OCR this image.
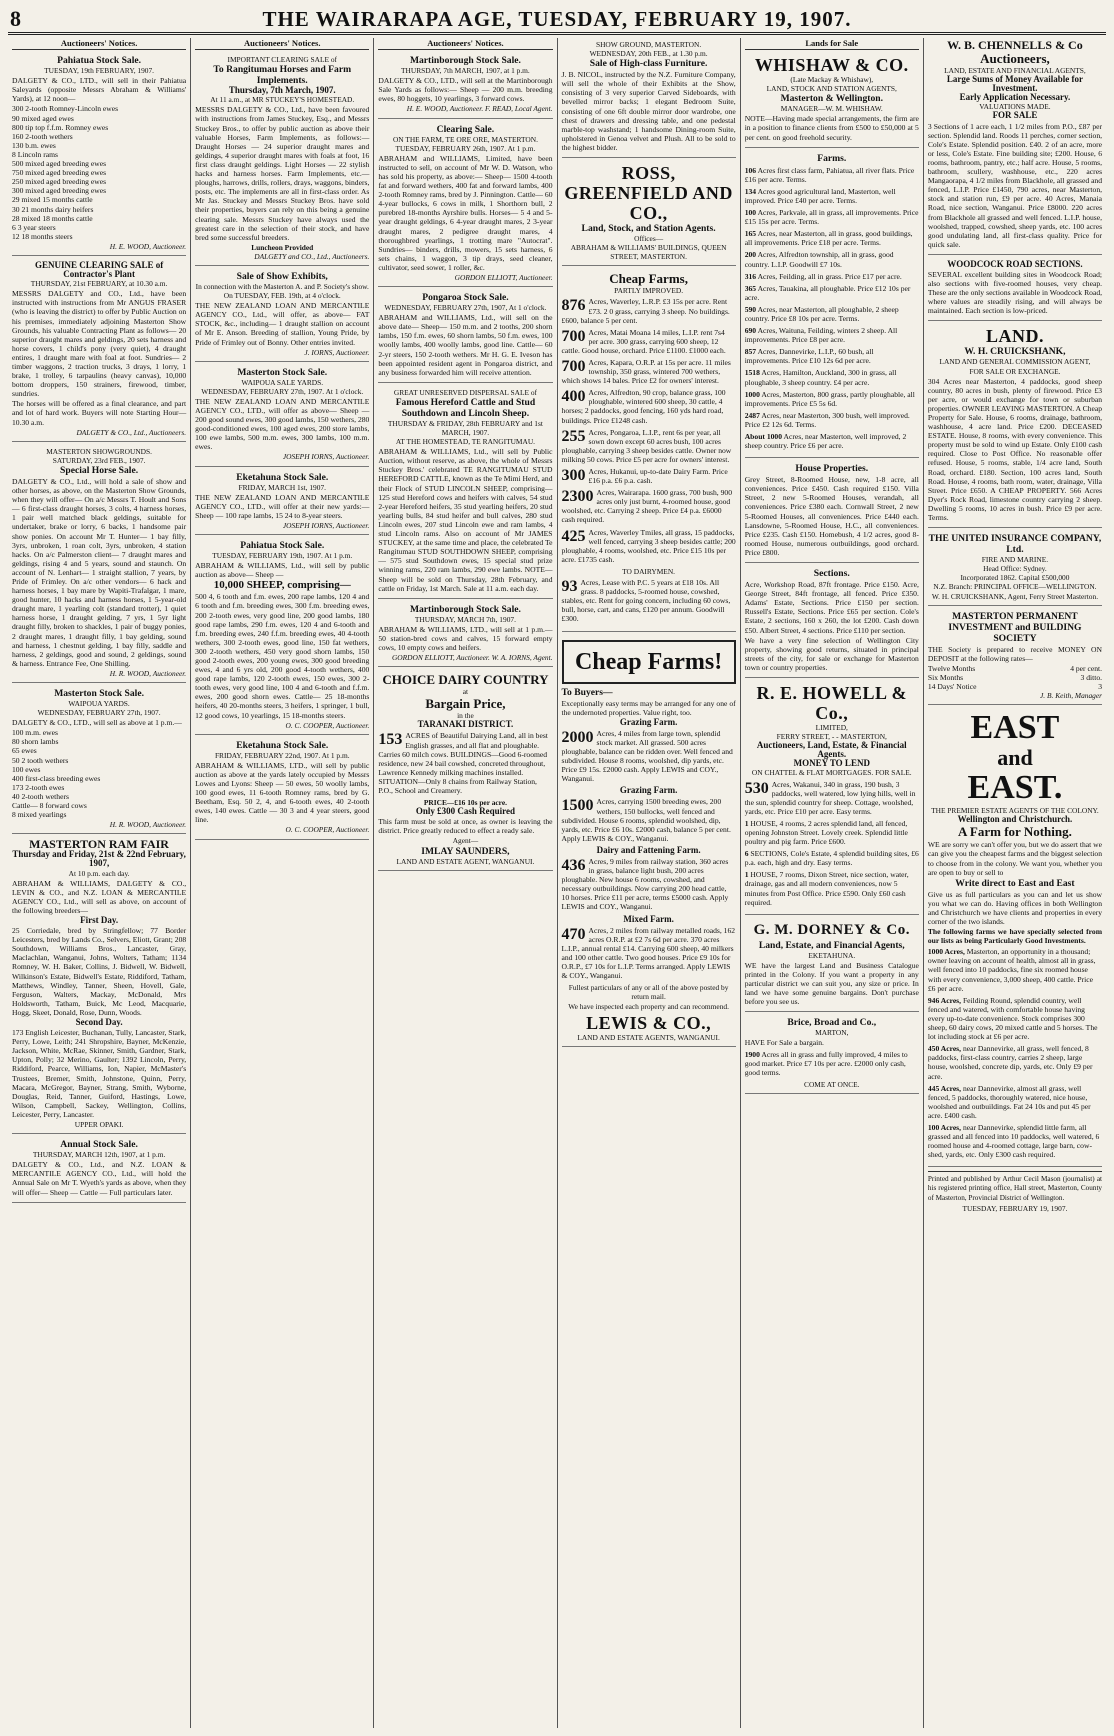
8	THE WAIRARAPA AGE, TUESDAY, FEBRUARY 19, 1907.
Auctioneers' Notices.
Pahiatua Stock Sale.
TUESDAY, 19th FEBRUARY, 1907.

DALGETY & CO., LTD., will sell in their Pahiatua Saleyards (opposite Messrs Abraham & Williams' Yards), at 12 noon—

300 2-tooth Romney-Lincoln ewes
90 mixed aged ewes
800 tip top f.f.m. Romney ewes
160 2-tooth wethers
130 b.m. ewes
8 Lincoln rams
500 mixed aged breeding ewes
750 mixed aged breeding ewes
250 mixed aged breeding ewes
300 mixed aged breeding ewes
29 mixed 15 months cattle
30 21 months dairy heifers
28 mixed 18 months cattle
6 3 year steers
12 18 months steers
H. E. WOOD, Auctioneer.
GENUINE CLEARING SALE of Contractor's Plant
THURSDAY, 21st FEBRUARY, at 10.30 a.m.

MESSRS DALGETY and CO., Ltd., have been instructed with instructions from Mr ANGUS FRASER (who is leaving the district) to offer by Public Auction on his premises, immediately adjoining Masterton Show Grounds, his valuable Contracting Plant as follows— 20 superior draught mares and geldings, 20 sets harness and horse covers, 1 child's pony (very quiet), 4 draught entires, 1 draught mare with foal at foot. Sundries— 2 timber waggons, 2 traction trucks, 3 drays, 1 lorry, 1 brake, 1 trolley, 6 tarpaulins (heavy canvas), 10,000 bottom droppers, 150 strainers, firewood, timber, sundries.

The horses will be offered as a final clearance, and part and lot of hard work. Buyers will note Starting Hour—10.30 a.m.

DALGETY & CO., Ltd., Auctioneers.
MASTERTON SHOWGROUNDS.
SATURDAY, 23rd FEB., 1907.
Special Horse Sale.

DALGETY & CO., Ltd., will hold a sale of show and other horses, as above, on the Masterton Show Grounds, when they will offer— On a/c Messrs T. Hoult and Sons— 6 first-class draught horses, 3 colts, 4 harness horses, 1 pair well matched black geldings, suitable for undertaker, brake or lorry, 6 backs, 1 handsome pair show ponies. On account Mr T. Hunter— 1 bay filly, 3yrs, unbroken, 1 roan colt, 3yrs, unbroken, 4 station hacks. On a/c Palmerston client— 7 draught mares and geldings, rising 4 and 5 years, sound and staunch. On account of N. Lenhart— 1 straight stallion, 7 years, by Pride of Frimley. On a/c other vendors— 6 hack and harness horses, 1 bay mare by Wapiti-Trafalgar, 1 mare, good hunter, 10 hacks and harness horses, 1 5-year-old draught mare, 1 yearling colt (standard trotter), 1 quiet harness horse, 1 draught gelding, 7 yrs, 1 5yr light draught filly, broken to shackles, 1 pair of buggy ponies, 2 draught mares, 1 draught filly, 1 bay gelding, sound and harness, 1 chestnut gelding, 1 bay filly, saddle and harness, 2 geldings, good and sound, 2 geldings, sound & harness. Entrance Fee, One Shilling.

H. R. WOOD, Auctioneer.
Masterton Stock Sale.
WAIPOUA YARDS.
WEDNESDAY, FEBRUARY 27th, 1907.

DALGETY & CO., LTD., will sell as above at 1 p.m.—

100 m.m. ewes
80 shorn lambs
65 ewes
50 2 tooth wethers
100 ewes
400 first-class breeding ewes
173 2-tooth ewes
40 2-tooth wethers
Cattle— 8 forward cows
8 mixed yearlings
H. R. WOOD, Auctioneer.
MASTERTON RAM FAIR
Thursday and Friday, 21st & 22nd February, 1907,
At 10 p.m. each day.

ABRAHAM & WILLIAMS, DALGETY & CO., LEVIN & CO., and N.Z. LOAN & MERCANTILE AGENCY CO., Ltd., will sell as above, on account of the following breeders—

First Day.

25 Corriedale, bred by Stringfellow; 77 Border Leicesters, bred by Lands Co., Selvers, Eliott, Grant; 208 Southdown, Williams Bros., Lancaster, Gray, Maclachlan, Wanganui, Johns, Wolters, Tatham; 1134 Romney, W. H. Baker, Collins, J. Bidwell, W. Bidwell, Wilkinson's Estate, Bidwell's Estate, Riddiford, Tatham, Matthews, Windley, Tanner, Sheen, Hovell, Gale, Ferguson, Walters, Mackay, McDonald, Mrs Holdsworth, Tatham, Buick, Mc Leod, Macquarie, Hogg, Skeet, Donald, Rose, Dunn, Woods.

Second Day.

173 English Leicester, Buchanan, Tully, Lancaster, Stark, Perry, Lowe, Leith; 241 Shropshire, Bayner, McKenzie, Jackson, White, McRae, Skinner, Smith, Gardner, Stark, Upton, Polly; 32 Merino, Gaulter; 1392 Lincoln, Perry, Riddiford, Pearce, Williams, Ion, Napier, McMaster's Trustees, Bremer, Smith, Johnstone, Quinn, Perry, Macara, McGregor, Bayner, Strang, Smith, Wyborne, Douglas, Reid, Tanner, Guiford, Hastings, Lowe, Wilson, Campbell, Sackey, Wellington, Collins, Leicester, Perry, Lancaster.

UPPER OPAKI.
Annual Stock Sale.
THURSDAY, MARCH 12th, 1907, at 1 p.m.

DALGETY & CO., Ltd., and N.Z. LOAN & MERCANTILE AGENCY CO., Ltd., will hold the Annual Sale on Mr T. Wyeth's yards as above, when they will offer— Sheep — Cattle — Full particulars later.

Auctioneers' Notices.
IMPORTANT CLEARING SALE of
To Rangitumau Horses and Farm Implements.
Thursday, 7th March, 1907.
At 11 a.m., at MR STUCKEY'S HOMESTEAD.

MESSRS DALGETY & CO., Ltd., have been favoured with instructions from James Stuckey, Esq., and Messrs Stuckey Bros., to offer by public auction as above their valuable Horses, Farm Implements, as follows:— Draught Horses — 24 superior draught mares and geldings, 4 superior draught mares with foals at foot, 16 first class draught geldings. Light Horses — 22 stylish hacks and harness horses. Farm Implements, etc.— ploughs, harrows, drills, rollers, drays, waggons, binders, posts, etc. The implements are all in first-class order. As Mr Jas. Stuckey and Messrs Stuckey Bros. have sold their properties, buyers can rely on this being a genuine clearing sale. Messrs Stuckey have always used the greatest care in the selection of their stock, and have bred some successful breeders.

Luncheon Provided
DALGETY and CO., Ltd., Auctioneers.
Sale of Show Exhibits,
In connection with the Masterton A. and P. Society's show.
On TUESDAY, FEB. 19th, at 4 o'clock.

THE NEW ZEALAND LOAN AND MERCANTILE AGENCY CO., Ltd., will offer, as above— FAT STOCK, &c., including— 1 draught stallion on account of Mr E. Anson. Breeding of stallion, Young Pride, by Pride of Frimley out of Bonny. Other entries invited.

J. IORNS, Auctioneer.
Masterton Stock Sale.
WAIPOUA SALE YARDS.
WEDNESDAY, FEBRUARY 27th, 1907. At 1 o'clock.

THE NEW ZEALAND LOAN AND MERCANTILE AGENCY CO., LTD., will offer as above— Sheep — 200 good sound ewes, 300 good lambs, 150 wethers, 280 good-conditioned ewes, 100 aged ewes, 200 store lambs, 100 ewe lambs, 500 m.m. ewes, 300 lambs, 100 m.m. ewes.

JOSEPH IORNS, Auctioneer.
Eketahuna Stock Sale.
FRIDAY, MARCH 1st, 1907.

THE NEW ZEALAND LOAN AND MERCANTILE AGENCY CO., LTD., will offer at their new yards:— Sheep — 100 rape lambs, 15 24 to 8-year steers.

JOSEPH IORNS, Auctioneer.
Pahiatua Stock Sale.
TUESDAY, FEBRUARY 19th, 1907. At 1 p.m.

ABRAHAM & WILLIAMS, Ltd., will sell by public auction as above— Sheep —

10,000 SHEEP, comprising—

500 4, 6 tooth and f.m. ewes, 200 rape lambs, 120 4 and 6 tooth and f.m. breeding ewes, 300 f.m. breeding ewes, 200 2-tooth ewes, very good line, 200 good lambs, 180 good rape lambs, 290 f.m. ewes, 120 4 and 6-tooth and f.m. breeding ewes, 240 f.f.m. breeding ewes, 40 4-tooth wethers, 300 2-tooth ewes, good line, 150 fat wethers, 300 2-tooth wethers, 450 very good shorn lambs, 150 good 2-tooth ewes, 200 young ewes, 300 good breeding ewes, 4 and 6 yrs old, 200 good 4-tooth wethers, 400 good rape lambs, 120 2-tooth ewes, 150 ewes, 300 2-tooth ewes, very good line, 100 4 and 6-tooth and f.f.m. ewes, 200 good shorn ewes. Cattle— 25 18-months heifers, 40 20-months steers, 3 heifers, 1 springer, 1 bull, 12 good cows, 10 yearlings, 15 18-months steers.

O. C. COOPER, Auctioneer.
Eketahuna Stock Sale.
FRIDAY, FEBRUARY 22nd, 1907. At 1 p.m.

ABRAHAM & WILLIAMS, LTD., will sell by public auction as above at the yards lately occupied by Messrs Lowes and Lyons: Sheep — 50 ewes, 50 woolly lambs, 100 good ewes, 11 6-tooth Romney rams, bred by G. Beetham, Esq. 50 2, 4, and 6-tooth ewes, 40 2-tooth ewes, 140 ewes. Cattle — 30 3 and 4 year steers, good line.

O. C. COOPER, Auctioneer.
Auctioneers' Notices.
Martinborough Stock Sale.
THURSDAY, 7th MARCH, 1907, at 1 p.m.

DALGETY & CO., LTD., will sell at the Martinborough Sale Yards as follows:— Sheep — 200 m.m. breeding ewes, 80 hoggets, 10 yearlings, 3 forward cows.

H. E. WOOD, Auctioneer. F. READ, Local Agent.
Clearing Sale.
ON THE FARM, TE ORE ORE, MASTERTON.
TUESDAY, FEBRUARY 26th, 1907. At 1 p.m.

ABRAHAM and WILLIAMS, Limited, have been instructed to sell, on account of Mr W. D. Watson, who has sold his property, as above:— Sheep— 1500 4-tooth fat and forward wethers, 400 fat and forward lambs, 400 2-tooth Romney rams, bred by J. Pinnington. Cattle— 60 4-year bullocks, 6 cows in milk, 1 Shorthorn bull, 2 purebred 18-months Ayrshire bulls. Horses— 5 4 and 5-year draught geldings, 6 4-year draught mares, 2 3-year draught mares, 2 pedigree draught mares, 4 thoroughbred yearlings, 1 trotting mare "Autocrat". Sundries— binders, drills, mowers, 15 sets harness, 6 sets chains, 1 waggon, 3 tip drays, seed cleaner, cultivator, seed sower, 1 roller, &c.

GORDON ELLIOTT, Auctioneer.
Pongaroa Stock Sale.
WEDNESDAY, FEBRUARY 27th, 1907, At 1 o'clock.

ABRAHAM and WILLIAMS, Ltd., will sell on the above date— Sheep— 150 m.m. and 2 tooths, 200 shorn lambs, 150 f.m. ewes, 60 shorn lambs, 50 f.m. ewes, 100 woolly lambs, 400 woolly lambs, good line. Cattle— 60 2-yr steers, 150 2-tooth wethers. Mr H. G. E. Iveson has been appointed resident agent in Pongaroa district, and any business forwarded him will receive attention.

GREAT UNRESERVED DISPERSAL SALE of
Famous Hereford Cattle and Stud Southdown and Lincoln Sheep.
THURSDAY & FRIDAY, 28th FEBRUARY and 1st MARCH, 1907.
AT THE HOMESTEAD, TE RANGITUMAU.

ABRAHAM & WILLIAMS, Ltd., will sell by Public Auction, without reserve, as above, the whole of Messrs Stuckey Bros.' celebrated TE RANGITUMAU STUD HEREFORD CATTLE, known as the Te Mimi Herd, and their Flock of STUD LINCOLN SHEEP, comprising— 125 stud Hereford cows and heifers with calves, 54 stud 2-year Hereford heifers, 35 stud yearling heifers, 20 stud yearling bulls, 84 stud heifer and bull calves, 280 stud Lincoln ewes, 207 stud Lincoln ewe and ram lambs, 4 stud Lincoln rams. Also on account of Mr JAMES STUCKEY, at the same time and place, the celebrated Te Rangitumau STUD SOUTHDOWN SHEEP, comprising— 575 stud Southdown ewes, 15 special stud prize winning rams, 220 ram lambs, 290 ewe lambs. NOTE—Sheep will be sold on Thursday, 28th February, and cattle on Friday, 1st March. Sale at 11 a.m. each day.

Martinborough Stock Sale.
THURSDAY, MARCH 7th, 1907.

ABRAHAM & WILLIAMS, LTD., will sell at 1 p.m.— 50 station-bred cows and calves, 15 forward empty cows, 10 empty cows and heifers.

GORDON ELLIOTT, Auctioneer. W. A. IORNS, Agent.
CHOICE DAIRY COUNTRY
at
Bargain Price,
in the
TARANAKI DISTRICT.
153 ACRES of Beautiful Dairying Land, all in best English grasses, and all flat and ploughable. Carries 60 milch cows. BUILDINGS—Good 6-roomed residence, new 24 bail cowshed, concreted throughout, Lawrence Kennedy milking machines installed. SITUATION—Only 8 chains from Railway Station, P.O., School and Creamery.
PRICE—£16 10s per acre.
Only £300 Cash Required

This farm must be sold at once, as owner is leaving the district. Price greatly reduced to effect a ready sale.

Agent—
IMLAY SAUNDERS,
LAND AND ESTATE AGENT, WANGANUI.
SHOW GROUND, MASTERTON.
WEDNESDAY, 20th FEB., at 1.30 p.m.
Sale of High-class Furniture.

J. B. NICOL, instructed by the N.Z. Furniture Company, will sell the whole of their Exhibits at the Show, consisting of 3 very superior Carved Sideboards, with bevelled mirror backs; 1 elegant Bedroom Suite, consisting of one 6ft double mirror door wardrobe, one chest of drawers and dressing table, and one pedestal marble-top washstand; 1 handsome Dining-room Suite, upholstered in Genoa velvet and Plush. All to be sold to the highest bidder.

ROSS, GREENFIELD AND CO.,
Land, Stock, and Station Agents.
Offices—
ABRAHAM & WILLIAMS' BUILDINGS, QUEEN STREET, MASTERTON.
Cheap Farms,
PARTLY IMPROVED.
876 Acres, Waverley, L.R.P. £3 15s per acre. Rent £73. 2 0 grass, carrying 3 sheep. No buildings. £600, balance 5 per cent.
700 Acres, Matai Moana 14 miles, L.I.P. rent 7s4 per acre. 300 grass, carrying 600 sheep, 12 cattle. Good house, orchard. Price £1100. £1000 each.
700 Acres, Kapara, O.R.P. at 15s per acre. 11 miles township, 350 grass, wintered 700 wethers, which shows 14 bales. Price £2 for owners' interest.
400 Acres, Alfredton, 90 crop, balance grass, 100 ploughable, wintered 600 sheep, 30 cattle, 4 horses; 2 paddocks, good fencing, 160 yds hard road, buildings. Price £1248 cash.
255 Acres, Pongaroa, L.I.P., rent 6s per year, all sown down except 60 acres bush, 100 acres ploughable, carrying 3 sheep besides cattle. Owner now milking 50 cows. Price £5 per acre for owners' interest.
300 Acres, Hukanui, up-to-date Dairy Farm. Price £16 p.a. £6 p.a. cash.
2300 Acres, Wairarapa. 1600 grass, 700 bush, 900 acres only just burnt, 4-roomed house, good woolshed, etc. Carrying 2 sheep. Price £4 p.a. £6000 cash required.
425 Acres, Waverley Tmiles, all grass, 15 paddocks, well fenced, carrying 3 sheep besides cattle; 200 ploughable, 4 rooms, woolshed, etc. Price £15 10s per acre. £1735 cash.
TO DAIRYMEN.
93 Acres, Lease with P.C. 5 years at £18 10s. All grass. 8 paddocks, 5-roomed house, cowshed, stables, etc. Rent for going concern, including 60 cows, bull, horse, cart, and cans, £120 per annum. Goodwill £300.
Cheap Farms!
To Buyers—

Exceptionally easy terms may be arranged for any one of the undernoted properties. Value right, too.

Grazing Farm.
2000 Acres, 4 miles from large town, splendid stock market. All grassed. 500 acres ploughable, balance can be ridden over. Well fenced and subdivided. House 8 rooms, woolshed, dip yards, etc. Price £9 15s. £2000 cash. Apply LEWIS and COY., Wanganui.
Grazing Farm.
1500 Acres, carrying 1500 breeding ewes, 200 wethers, 150 bullocks, well fenced and subdivided. House 6 rooms, splendid woolshed, dip, yards, etc. Price £6 10s. £2000 cash, balance 5 per cent. Apply LEWIS & COY., Wanganui.
Dairy and Fattening Farm.
436 Acres, 9 miles from railway station, 360 acres in grass, balance light bush, 200 acres ploughable. New house 6 rooms, cowshed, and necessary outbuildings. Now carrying 200 head cattle, 10 horses. Price £11 per acre, terms £5000 cash. Apply LEWIS and COY., Wanganui.
Mixed Farm.
470 Acres, 2 miles from railway metalled roads, 162 acres O.R.P. at £2 7s 6d per acre. 370 acres L.I.P., annual rental £14. Carrying 600 sheep, 40 milkers and 100 other cattle. Two good houses. Price £9 10s for O.R.P., £7 10s for L.I.P. Terms arranged. Apply LEWIS & COY., Wanganui.

Fullest particulars of any or all of the above posted by return mail.

We have inspected each property and can recommend.

LEWIS & CO.,
LAND AND ESTATE AGENTS, WANGANUI.
Lands for Sale
WHISHAW & CO.
(Late Mackay & Whishaw),
LAND, STOCK AND STATION AGENTS,
Masterton & Wellington.
MANAGER—W. M. WHISHAW.

NOTE—Having made special arrangements, the firm are in a position to finance clients from £500 to £50,000 at 5 per cent. on good freehold security.

Farms.
106 Acres first class farm, Pahiatua, all river flats. Price £16 per acre. Terms.
134 Acres good agricultural land, Masterton, well improved. Price £40 per acre. Terms.
100 Acres, Parkvale, all in grass, all improvements. Price £15 15s per acre. Terms.
165 Acres, near Masterton, all in grass, good buildings, all improvements. Price £18 per acre. Terms.
200 Acres, Alfredton township, all in grass, good country. L.I.P. Goodwill £7 10s.
316 Acres, Feilding, all in grass. Price £17 per acre.
365 Acres, Tauakina, all ploughable. Price £12 10s per acre.
590 Acres, near Masterton, all ploughable, 2 sheep country. Price £8 10s per acre. Terms.
690 Acres, Waituna, Feilding, winters 2 sheep. All improvements. Price £8 per acre.
857 Acres, Dannevirke, L.I.P., 60 bush, all improvements. Price £10 12s 6d per acre.
1518 Acres, Hamilton, Auckland, 300 in grass, all ploughable, 3 sheep country. £4 per acre.
1000 Acres, Masterton, 800 grass, partly ploughable, all improvements. Price £5 5s 6d.
2487 Acres, near Masterton, 300 bush, well improved. Price £2 12s 6d. Terms.
About 1000 Acres, near Masterton, well improved, 2 sheep country. Price £6 per acre.
House Properties.

Grey Street, 8-Roomed House, new, 1-8 acre, all conveniences. Price £450. Cash required £150. Villa Street, 2 new 5-Roomed Houses, verandah, all conveniences. Price £380 each. Cornwall Street, 2 new 5-Roomed Houses, all conveniences. Price £440 each. Lansdowne, 5-Roomed House, H.C., all conveniences. Price £235. Cash £150. Homebush, 4 1/2 acres, good 8-roomed House, numerous outbuildings, good orchard. Price £800.

Sections.

Acre, Workshop Road, 87ft frontage. Price £150. Acre, George Street, 84ft frontage, all fenced. Price £350. Adams' Estate, Sections. Price £150 per section. Russell's Estate, Sections. Price £65 per section. Cole's Estate, 2 sections, 160 x 260, the lot £200. Cash down £50. Albert Street, 4 sections. Price £110 per section.

We have a very fine selection of Wellington City property, showing good returns, situated in principal streets of the city, for sale or exchange for Masterton town or country properties.

R. E. HOWELL & Co.,
LIMITED,
FERRY STREET, - - MASTERTON,
Auctioneers, Land, Estate, & Financial Agents.
MONEY TO LEND
ON CHATTEL & FLAT MORTGAGES. FOR SALE.
530 Acres, Wakanui, 340 in grass, 190 bush, 3 paddocks, well watered, low lying hills, well in the sun, splendid country for sheep. Cottage, woolshed, yards, etc. Price £10 per acre. Easy terms.
1 HOUSE, 4 rooms, 2 acres splendid land, all fenced, opening Johnston Street. Lovely creek. Splendid little poultry and pig farm. Price £600.
6 SECTIONS, Cole's Estate, 4 splendid building sites, £6 p.a. each, high and dry. Easy terms.
1 HOUSE, 7 rooms, Dixon Street, nice section, water, drainage, gas and all modern conveniences, now 5 minutes from Post Office. Price £590. Only £60 cash required.
G. M. DORNEY & Co.
Land, Estate, and Financial Agents,
EKETAHUNA.

WE have the largest Land and Business Catalogue printed in the Colony. If you want a property in any particular district we can suit you, any size or price. In land we have some genuine bargains. Don't purchase before you see us.

Brice, Broad and Co.,
MARTON,

HAVE For Sale a bargain.

1900 Acres all in grass and fully improved, 4 miles to good market. Price £7 10s per acre. £2000 only cash, good terms.
COME AT ONCE.
W. B. CHENNELLS & Co
Auctioneers,
LAND, ESTATE AND FINANCIAL AGENTS,
Large Sums of Money Available for Investment.
Early Application Necessary.
VALUATIONS MADE.
FOR SALE

3 Sections of 1 acre each, 1 1/2 miles from P.O., £87 per section. Splendid land. Roods 11 perches, corner section, Cole's Estate. Splendid position. £40. 2 of an acre, more or less, Cole's Estate. Fine building site; £200. House, 6 rooms, bathroom, pantry, etc.; half acre. House, 5 rooms, bathroom, scullery, washhouse, etc., 220 acres Mangaorapa, 4 1/2 miles from Blackhole, all grassed and fenced, L.I.P. Price £1450, 790 acres, near Masterton, stock and station run, £9 per acre. 40 Acres, Manaia Road, nice section, Wanganui. Price £8000. 220 acres from Blackhole all grassed and well fenced. L.I.P. house, woolshed, trapped, cowshed, sheep yards, etc. 100 acres good undulating land, all first-class quality. Price for quick sale.

WOODCOCK ROAD SECTIONS.

SEVERAL excellent building sites in Woodcock Road; also sections with five-roomed houses, very cheap. These are the only sections available in Woodcock Road, where values are steadily rising, and will always be maintained. Each section is low-priced.

LAND.
W. H. CRUICKSHANK,
LAND AND GENERAL COMMISSION AGENT,
FOR SALE OR EXCHANGE.

304 Acres near Masterton, 4 paddocks, good sheep country, 80 acres in bush, plenty of firewood. Price £3 per acre, or would exchange for town or suburban properties. OWNER LEAVING MASTERTON. A Cheap Property for Sale. House, 6 rooms, drainage, bathroom, washhouse, 4 acre land. Price £200. DECEASED ESTATE. House, 8 rooms, with every convenience. This property must be sold to wind up Estate. Only £100 cash required. Close to Post Office. No reasonable offer refused. House, 5 rooms, stable, 1/4 acre land, South Road, orchard. £180. Section, 100 acres land, South Road. House, 4 rooms, bath room, water, drainage, Villa Street. Price £650. A CHEAP PROPERTY. 566 Acres Dyer's Rock Road, limestone country carrying 2 sheep. Dwelling 5 rooms, 10 acres in bush. Price £9 per acre. Terms.

THE UNITED INSURANCE COMPANY, Ltd.
FIRE AND MARINE.
Head Office: Sydney.
Incorporated 1862. Capital £500,000
N.Z. Branch: PRINCIPAL OFFICE—WELLINGTON.
W. H. CRUICKSHANK, Agent, Ferry Street Masterton.
MASTERTON PERMANENT INVESTMENT and BUILDING SOCIETY

THE Society is prepared to receive MONEY ON DEPOSIT at the following rates—

Twelve Months	4 per cent.
Six Months	3 ditto.
14 Days' Notice	3
J. B. Keith, Manager
EAST
and
EAST.
THE PREMIER ESTATE AGENTS OF THE COLONY.
Wellington and Christchurch.
A Farm for Nothing.

WE are sorry we can't offer you, but we do assert that we can give you the cheapest farms and the biggest selection to choose from in the colony. We want you, whether you are open to buy or sell to

Write direct to East and East

Give us as full particulars as you can and let us show you what we can do. Having offices in both Wellington and Christchurch we have clients and properties in every corner of the two islands.

The following farms we have specially selected from our lists as being Particularly Good Investments.

1000 Acres, Masterton, an opportunity in a thousand; owner leaving on account of health, almost all in grass, well fenced into 10 paddocks, fine six roomed house with every convenience, 3,000 sheep, 400 cattle. Price £6 per acre.
946 Acres, Feilding Round, splendid country, well fenced and watered, with comfortable house having every up-to-date convenience. Stock comprises 300 sheep, 60 dairy cows, 20 mixed cattle and 5 horses. The lot including stock at £6 per acre.
450 Acres, near Dannevirke, all grass, well fenced, 8 paddocks, first-class country, carries 2 sheep, large house, woolshed, concrete dip, yards, etc. Only £9 per acre.
445 Acres, near Dannevirke, almost all grass, well fenced, 5 paddocks, thoroughly watered, nice house, woolshed and outbuildings. Fat 24 10s and put 45 per acre. £400 cash.
100 Acres, near Dannevirke, splendid little farm, all grassed and all fenced into 10 paddocks, well watered, 6 roomed house and 4-roomed cottage, large barn, cow-shed, yards, etc. Only £300 cash required.

Printed and published by Arthur Cecil Mason (journalist) at his registered printing office, Hall street, Masterton, County of Masterton, Provincial District of Wellington.

TUESDAY, FEBRUARY 19, 1907.
